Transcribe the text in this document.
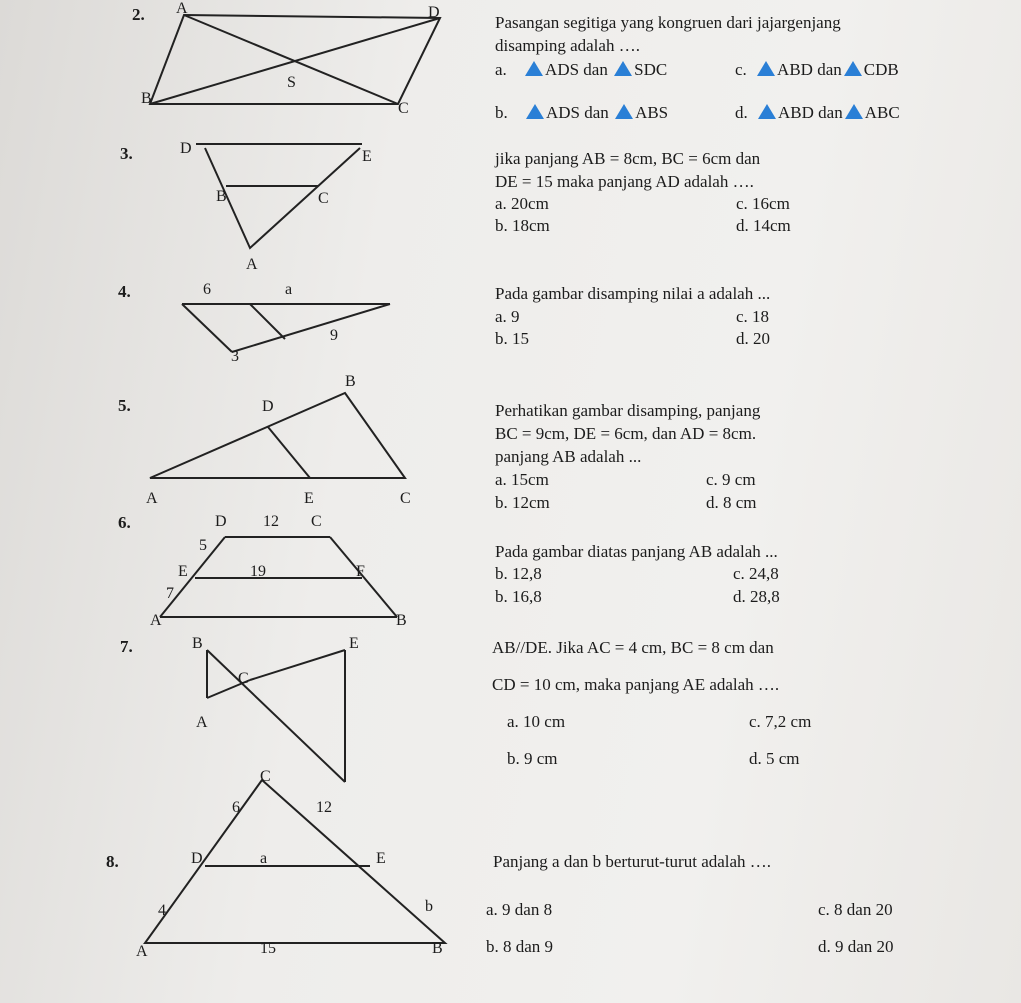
2.
3.
4.
5.
6.
7.
8.
A	D
S
B
C
D	E
B	C
A
6	a
9
3
B
D
A	E	C
D 12 C
5
E	19	F
7
A	B
B	E
C
A
C
6	12
D	a	E
4	b
A	15	B
Pasangan segitiga yang kongruen dari jajargenjang
disamping adalah ….
a. ADS dan SDC	c. ABD dan CDB
b. ADS dan ABS	d. ABD dan ABC
jika panjang AB = 8cm, BC = 6cm dan
DE = 15 maka panjang AD adalah ….
a. 20cm	c. 16cm
b. 18cm	d. 14cm
Pada gambar disamping nilai a adalah ...
a. 9	c. 18
b. 15	d. 20
Perhatikan gambar disamping, panjang
BC = 9cm, DE = 6cm, dan AD = 8cm.
panjang AB adalah ...
a. 15cm	c. 9 cm
b. 12cm	d. 8 cm
Pada gambar diatas panjang AB adalah ...
b. 12,8	c. 24,8
b. 16,8	d. 28,8
AB//DE. Jika AC = 4 cm, BC = 8 cm dan
CD = 10 cm, maka panjang AE adalah ….
a. 10 cm	c. 7,2 cm
b. 9 cm	d. 5 cm
Panjang a dan b berturut-turut adalah ….
a. 9 dan 8	c. 8 dan 20
b. 8 dan 9	d. 9 dan 20
